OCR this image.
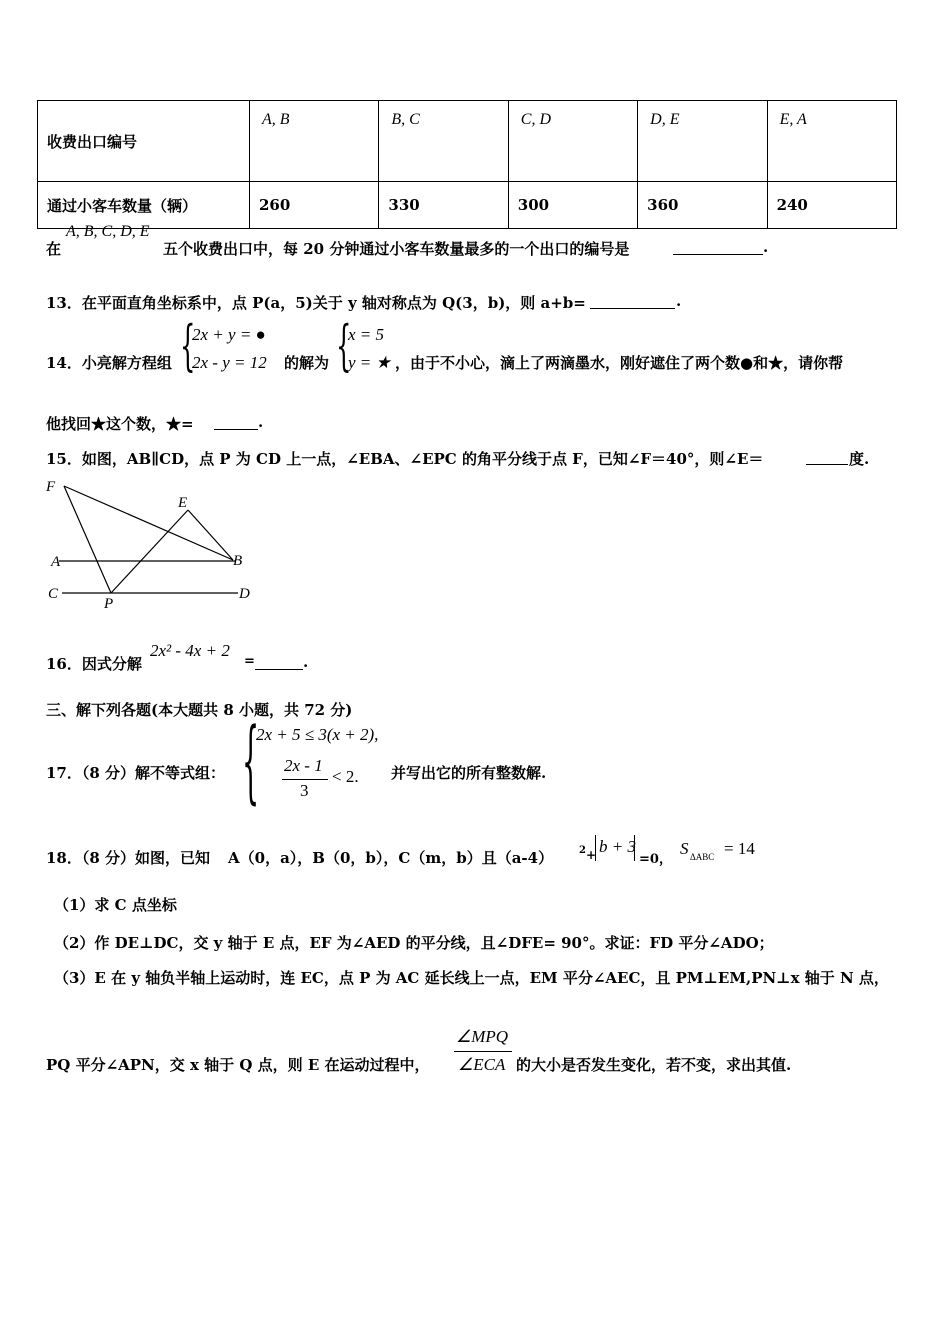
收费出口编号	A, B	B, C	C, D	D, E	E, A
通过小客车数量（辆）	260	330	300	360	240
在
A, B, C, D, E
五个收费出口中，每 20 分钟通过小客车数量最多的一个出口的编号是	.
13．在平面直角坐标系中，点 P(a，5)关于 y 轴对称点为 Q(3，b)，则 a+b=	.
14．小亮解方程组 {
2x + y = ●
2x - y = 12 的解为 {
x = 5
y = ★ ，由于不小心，滴上了两滴墨水，刚好遮住了两个数●和★，请你帮
他找回★这个数，★=	.
15．如图，AB∥CD，点 P 为 CD 上一点，∠EBA、∠EPC 的角平分线于点 F，已知∠F＝40°，则∠E＝	度.
F
E
A	B
C
P
D
16．因式分解
2x² - 4x + 2
=	.
三、解下列各题(本大题共 8 小题，共 72 分)
17．（8 分）解不等式组： {
2x + 5 ≤ 3(x + 2),
2x - 1
3
< 2. 并写出它的所有整数解.
18．（8 分）如图，已知 A（0，a），B（0，b），C（m，b）且（a-4）	2 + b + 3
=0，
S ΔABC = 14
（1）求 C 点坐标
（2）作 DE⊥DC，交 y 轴于 E 点，EF 为∠AED 的平分线，且∠DFE= 90°。求证：FD 平分∠ADO；
（3）E 在 y 轴负半轴上运动时，连 EC，点 P 为 AC 延长线上一点，EM 平分∠AEC，且 PM⊥EM,PN⊥x 轴于 N 点，
PQ 平分∠APN，交 x 轴于 Q 点，则 E 在运动过程中，
∠MPQ
∠ECA 的大小是否发生变化，若不变，求出其值.
